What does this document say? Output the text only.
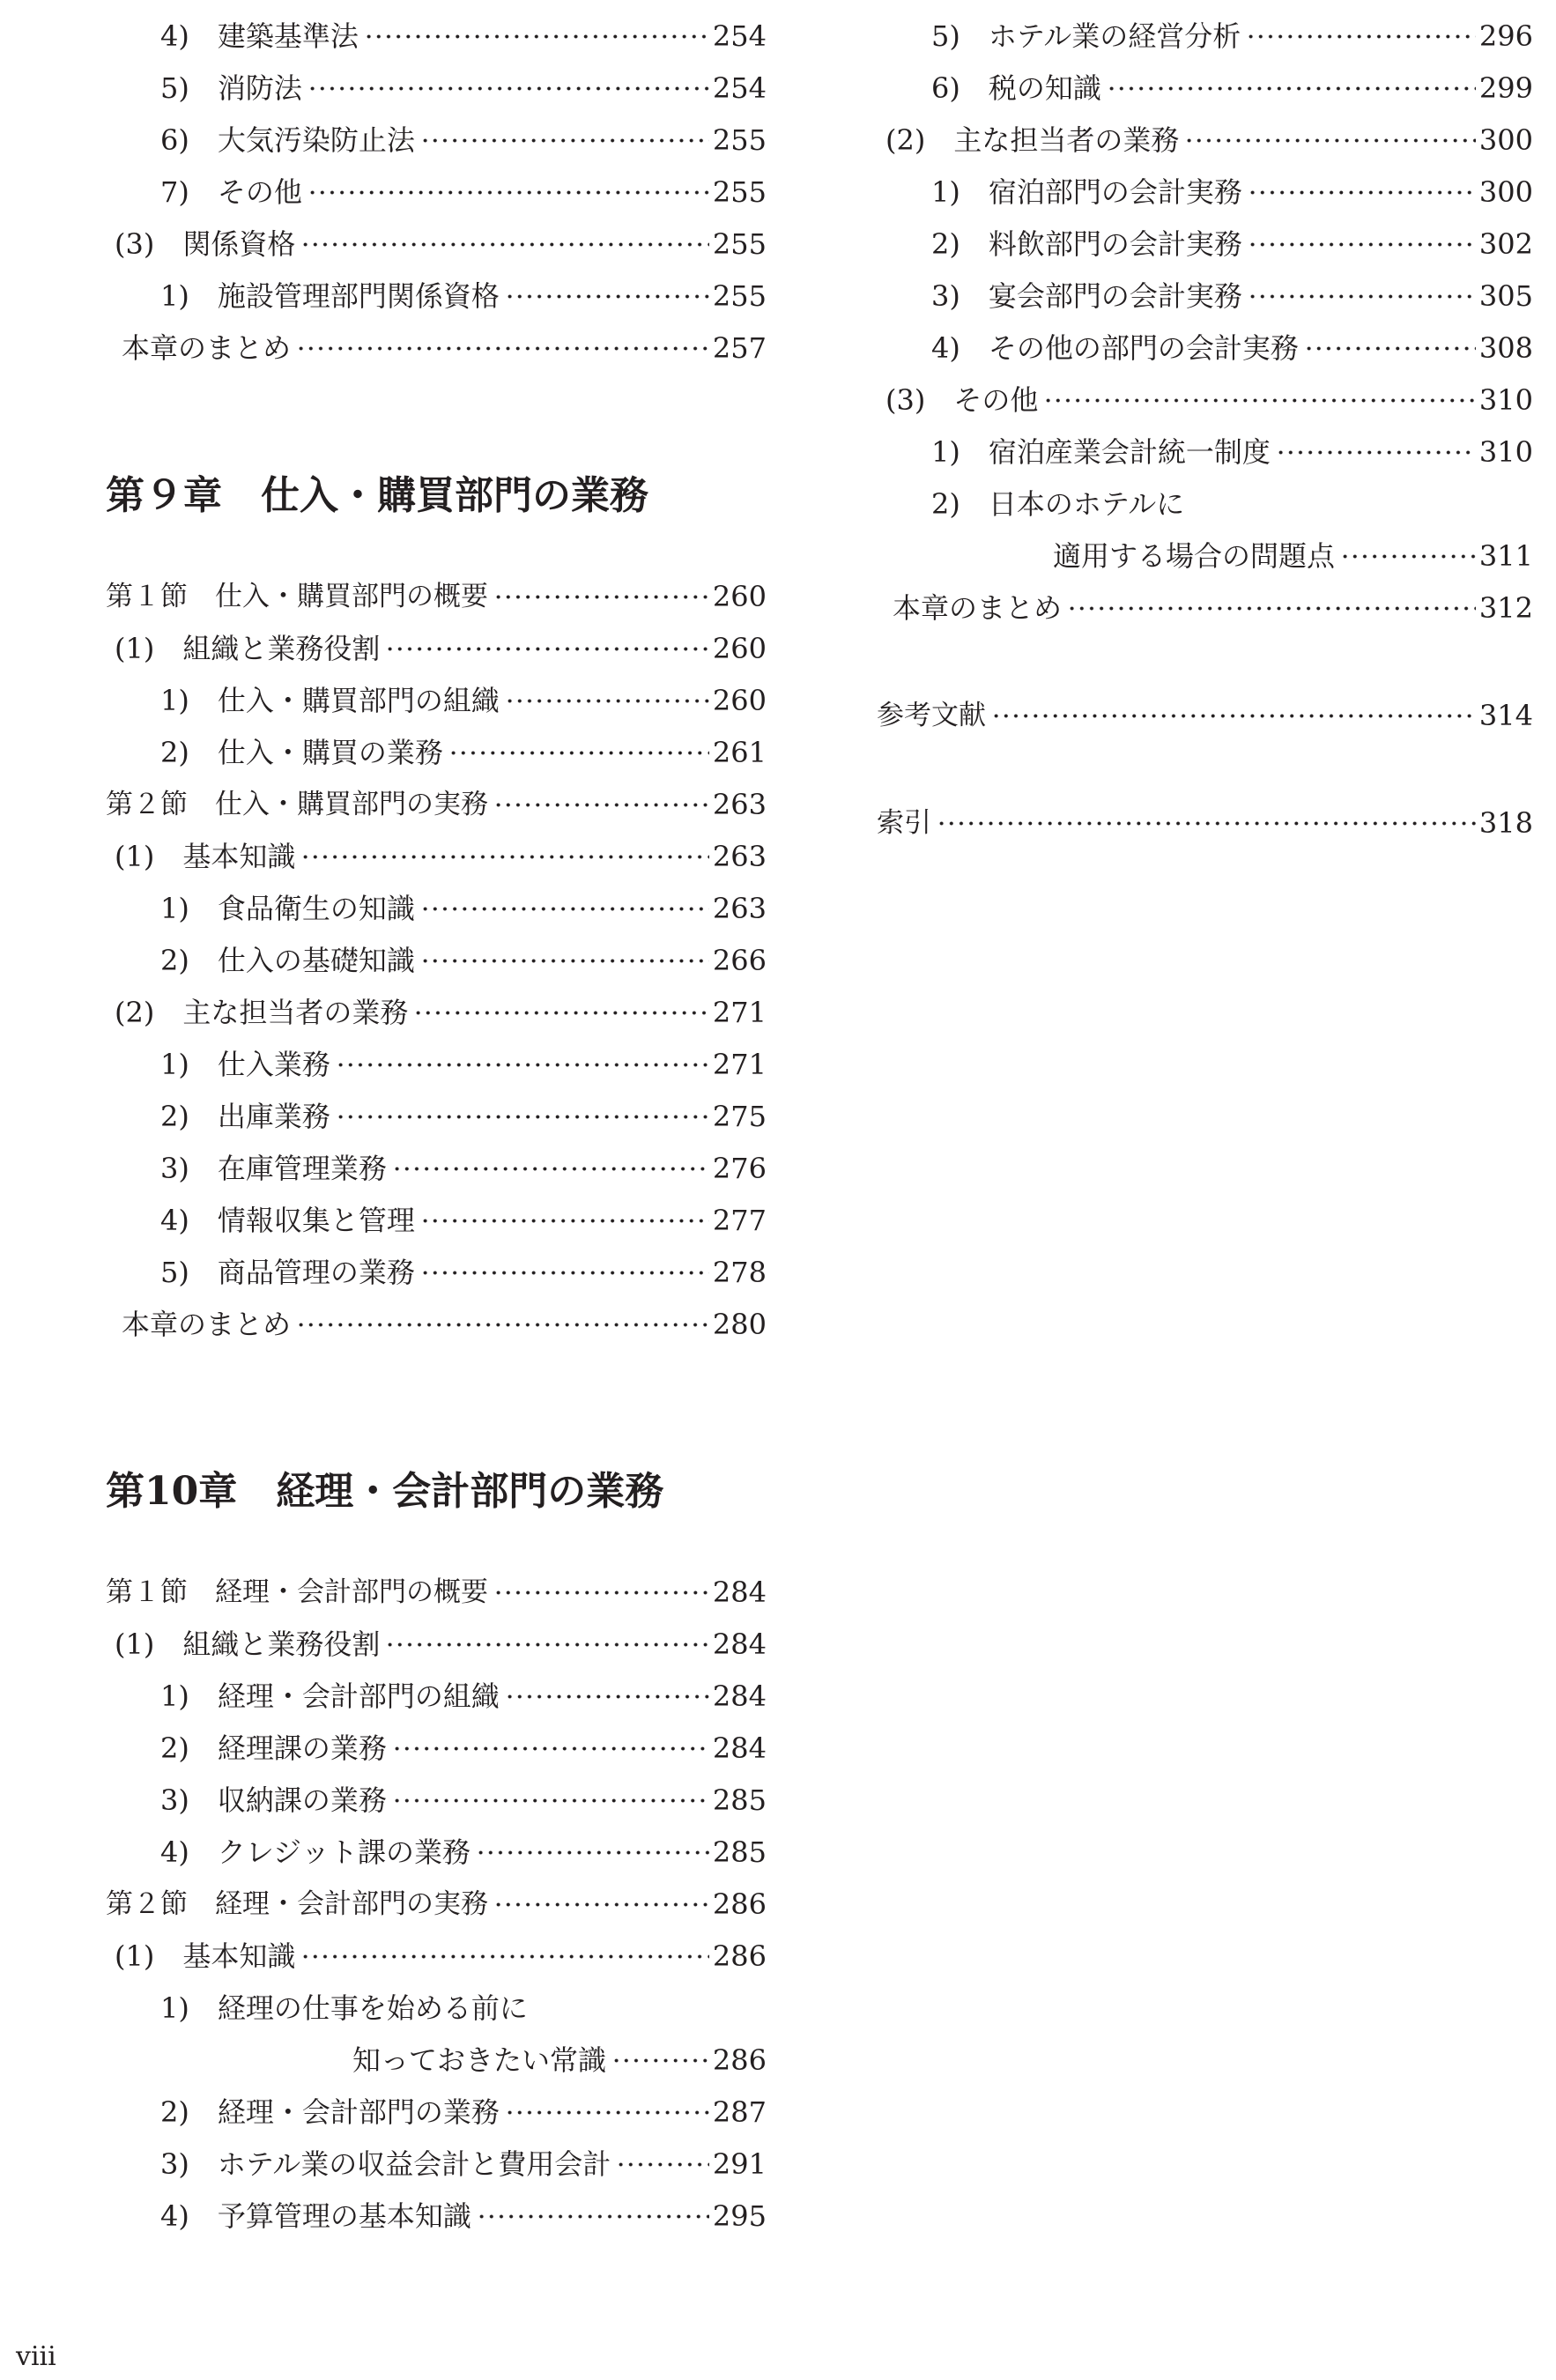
4)　 建築基準法	254
5)　 消防法	254
6)　 大気汚染防止法	255
7)　 その他	255
(3)　 関係資格	255
1)　 施設管理部門関係資格	255
本章のまとめ	257
第９章　仕入・購買部門の業務
第１節　 仕入・購買部門の概要	260
(1)　 組織と業務役割	260
1)　 仕入・購買部門の組織	260
2)　 仕入・購買の業務	261
第２節　 仕入・購買部門の実務	263
(1)　 基本知識	263
1)　 食品衛生の知識	263
2)　 仕入の基礎知識	266
(2)　 主な担当者の業務	271
1)　 仕入業務	271
2)　 出庫業務	275
3)　 在庫管理業務	276
4)　 情報収集と管理	277
5)　 商品管理の業務	278
本章のまとめ	280
第10章　経理・会計部門の業務
第１節　 経理・会計部門の概要	284
(1)　 組織と業務役割	284
1)　 経理・会計部門の組織	284
2)　 経理課の業務	284
3)　 収納課の業務	285
4)　 クレジット課の業務	285
第２節　 経理・会計部門の実務	286
(1)　 基本知識	286
1)　 経理の仕事を始める前に
知っておきたい常識	286
2)　 経理・会計部門の業務	287
3)　 ホテル業の収益会計と費用会計	291
4)　 予算管理の基本知識	295
5)　 ホテル業の経営分析	296
6)　 税の知識	299
(2)　 主な担当者の業務	300
1)　 宿泊部門の会計実務	300
2)　 料飲部門の会計実務	302
3)　 宴会部門の会計実務	305
4)　 その他の部門の会計実務	308
(3)　 その他	310
1)　 宿泊産業会計統一制度	310
2)　 日本のホテルに
適用する場合の問題点	311
本章のまとめ	312
参考文献	314
索引	318
viii
